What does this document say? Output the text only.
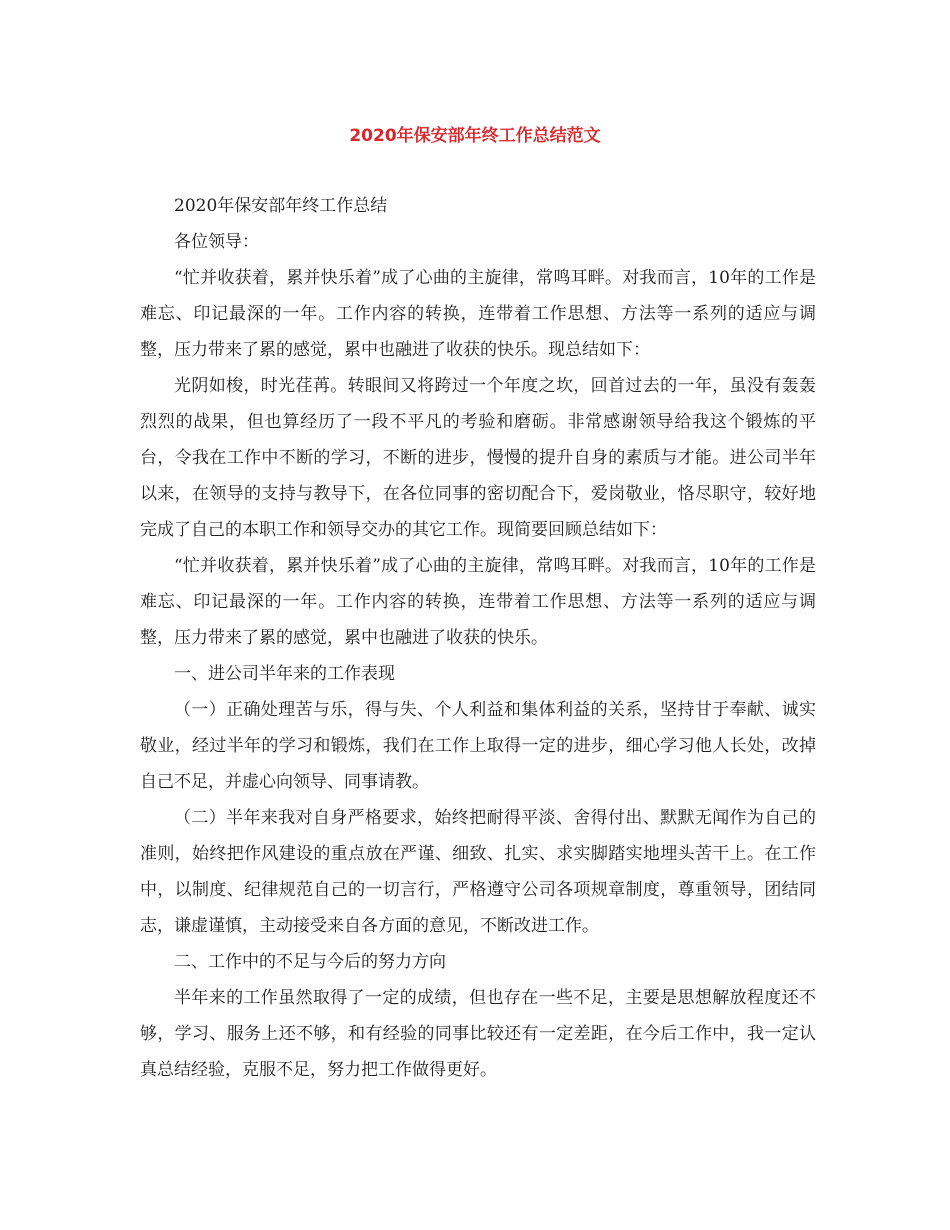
2020年保安部年终工作总结范文

2020年保安部年终工作总结

各位领导：

“忙并收获着，累并快乐着”成了心曲的主旋律，常鸣耳畔。对我而言，10年的工作是难忘、印记最深的一年。工作内容的转换，连带着工作思想、方法等一系列的适应与调整，压力带来了累的感觉，累中也融进了收获的快乐。现总结如下：

光阴如梭，时光荏苒。转眼间又将跨过一个年度之坎，回首过去的一年，虽没有轰轰烈烈的战果，但也算经历了一段不平凡的考验和磨砺。非常感谢领导给我这个锻炼的平台，令我在工作中不断的学习，不断的进步，慢慢的提升自身的素质与才能。进公司半年以来，在领导的支持与教导下，在各位同事的密切配合下，爱岗敬业，恪尽职守，较好地完成了自己的本职工作和领导交办的其它工作。现简要回顾总结如下：

“忙并收获着，累并快乐着”成了心曲的主旋律，常鸣耳畔。对我而言，10年的工作是难忘、印记最深的一年。工作内容的转换，连带着工作思想、方法等一系列的适应与调整，压力带来了累的感觉，累中也融进了收获的快乐。

一、进公司半年来的工作表现

（一）正确处理苦与乐，得与失、个人利益和集体利益的关系，坚持甘于奉献、诚实敬业，经过半年的学习和锻炼，我们在工作上取得一定的进步，细心学习他人长处，改掉自己不足，并虚心向领导、同事请教。

（二）半年来我对自身严格要求，始终把耐得平淡、舍得付出、默默无闻作为自己的准则，始终把作风建设的重点放在严谨、细致、扎实、求实脚踏实地埋头苦干上。在工作中，以制度、纪律规范自己的一切言行，严格遵守公司各项规章制度，尊重领导，团结同志，谦虚谨慎，主动接受来自各方面的意见，不断改进工作。

二、工作中的不足与今后的努力方向

半年来的工作虽然取得了一定的成绩，但也存在一些不足，主要是思想解放程度还不够，学习、服务上还不够，和有经验的同事比较还有一定差距，在今后工作中，我一定认真总结经验，克服不足，努力把工作做得更好。
